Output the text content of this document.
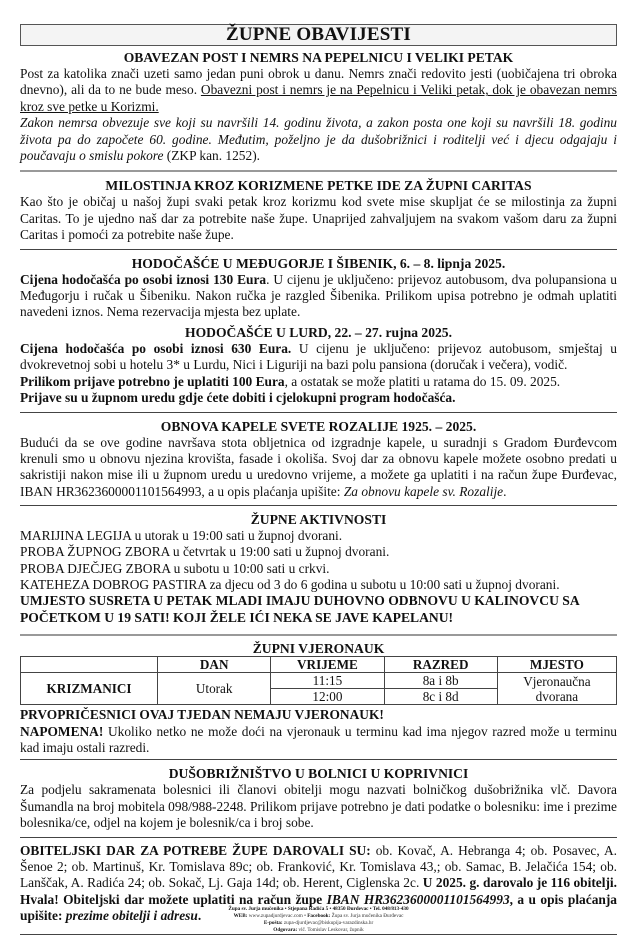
ŽUPNE OBAVIJESTI
OBAVEZAN POST I NEMRS NA PEPELNICU I VELIKI PETAK

Post za katolika znači uzeti samo jedan puni obrok u danu. Nemrs znači redovito jesti (uobičajena tri obroka dnevno), ali da to ne bude meso. Obavezni post i nemrs je na Pepelnicu i Veliki petak, dok je obavezan nemrs kroz sve petke u Korizmi.

Zakon nemrsa obvezuje sve koji su navršili 14. godinu života, a zakon posta one koji su navršili 18. godinu života pa do započete 60. godine. Međutim, poželjno je da dušobrižnici i roditelji već i djecu odgajaju i poučavaju o smislu pokore (ZKP kan. 1252).

MILOSTINJA KROZ KORIZMENE PETKE IDE ZA ŽUPNI CARITAS

Kao što je običaj u našoj župi svaki petak kroz korizmu kod svete mise skupljat će se milostinja za župni Caritas. To je ujedno naš dar za potrebite naše župe. Unaprijed zahvaljujem na svakom vašom daru za župni Caritas i pomoći za potrebite naše župe.

HODOČAŠĆE U MEĐUGORJE I ŠIBENIK, 6. – 8. lipnja 2025.

Cijena hodočašća po osobi iznosi 130 Eura. U cijenu je uključeno: prijevoz autobusom, dva polupansiona u Međugorju i ručak u Šibeniku. Nakon ručka je razgled Šibenika. Prilikom upisa potrebno je odmah uplatiti navedeni iznos. Nema rezervacija mjesta bez uplate.

HODOČAŠĆE U LURD, 22. – 27. rujna 2025.

Cijena hodočašća po osobi iznosi 630 Eura. U cijenu je uključeno: prijevoz autobusom, smještaj u dvokrevetnoj sobi u hotelu 3* u Lurdu, Nici i Liguriji na bazi polu pansiona (doručak i večera), vodič.

Prilikom prijave potrebno je uplatiti 100 Eura, a ostatak se može platiti u ratama do 15. 09. 2025.

Prijave su u župnom uredu gdje ćete dobiti i cjelokupni program hodočašća.

OBNOVA KAPELE SVETE ROZALIJE 1925. – 2025.

Budući da se ove godine navršava stota obljetnica od izgradnje kapele, u suradnji s Gradom Đurđevcom krenuli smo u obnovu njezina krovišta, fasade i okoliša. Svoj dar za obnovu kapele možete osobno predati u sakristiji nakon mise ili u župnom uredu u uredovno vrijeme, a možete ga uplatiti i na račun župe Đurđevac, IBAN HR3623600001101564993, a u opis plaćanja upišite: Za obnovu kapele sv. Rozalije.

ŽUPNE AKTIVNOSTI
MARIJINA LEGIJA u utorak u 19:00 sati u župnoj dvorani.
PROBA ŽUPNOG ZBORA u četvrtak u 19:00 sati u župnoj dvorani.
PROBA DJEČJEG ZBORA u subotu u 10:00 sati u crkvi.
KATEHEZA DOBROG PASTIRA za djecu od 3 do 6 godina u subotu u 10:00 sati u župnoj dvorani.

UMJESTO SUSRETA U PETAK MLADI IMAJU DUHOVNO ODBNOVU U KALINOVCU SA POČETKOM U 19 SATI! KOJI ŽELE IĆI NEKA SE JAVE KAPELANU!

ŽUPNI VJERONAUK
	DAN	VRIJEME	RAZRED	MJESTO
KRIZMANICI	Utorak	11:15	8a i 8b	Vjeronaučna
dvorana
		12:00	8c i 8d	

PRVOPRIČESNICI OVAJ TJEDAN NEMAJU VJERONAUK!

NAPOMENA! Ukoliko netko ne može doći na vjeronauk u terminu kad ima njegov razred može u terminu kad imaju ostali razredi.

DUŠOBRIŽNIŠTVO U BOLNICI U KOPRIVNICI

Za podjelu sakramenata bolesnici ili članovi obitelji mogu nazvati bolničkog dušobrižnika vlč. Davora Šumandla na broj mobitela 098/988-2248. Prilikom prijave potrebno je dati podatke o bolesniku: ime i prezime bolesnika/ce, odjel na kojem je bolesnik/ca i broj sobe.

OBITELJSKI DAR ZA POTREBE ŽUPE DAROVALI SU: ob. Kovač, A. Hebranga 4; ob. Posavec, A. Šenoe 2; ob. Martinuš, Kr. Tomislava 89c; ob. Franković, Kr. Tomislava 43,; ob. Samac, B. Jelačića 154; ob. Lanščak, A. Radića 24; ob. Sokač, Lj. Gaja 14d; ob. Herent, Ciglenska 2c. U 2025. g. darovalo je 116 obitelji. Hvala! Obiteljski dar možete uplatiti na račun župe IBAN HR3623600001101564993, a u opis plaćanja upišite: prezime obitelji i adresu.	Župa sv. Jurja mučenika • Stjepana Radića 5 • 48350 Đurđevac • Tel. 048/813-430
WEB: www.zupadjurdjevac.com • Facebook: Župa sv. Jurja mučenika Đurđevac
E-pošta: zupa-djurdjevac@biskupija-varazdinska.hr
Odgovara: vlč. Tomislav Leskovar, župnik
